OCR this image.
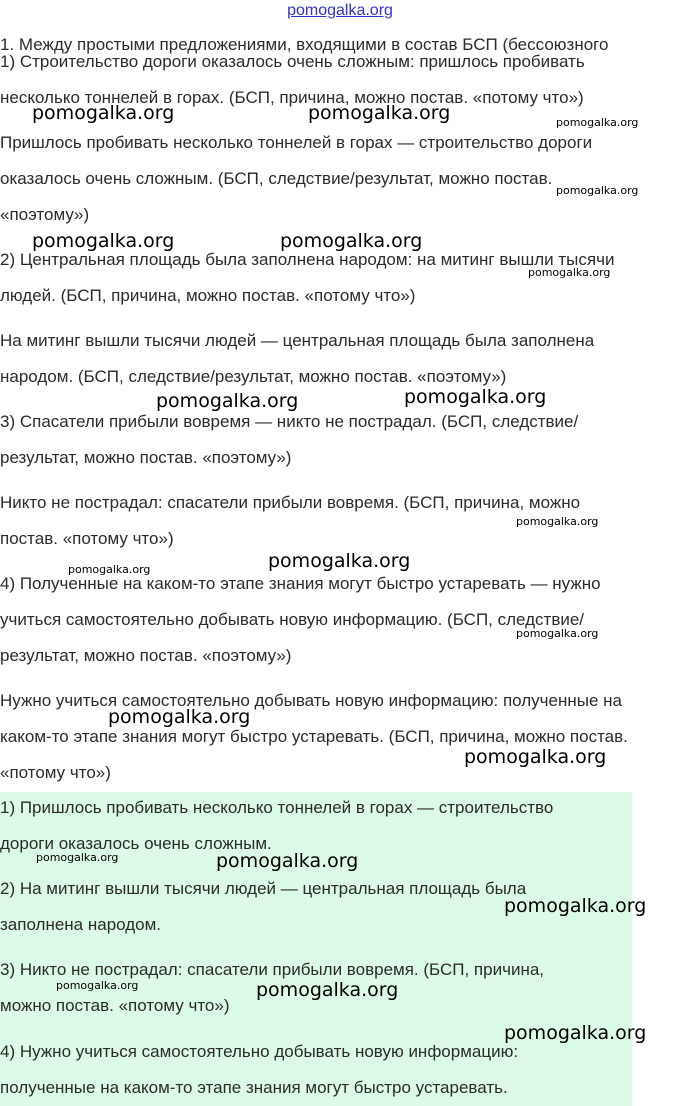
pomogalka.org
1. Между простыми предложениями, входящими в состав БСП (бессоюзного
1) Строительство дороги оказалось очень сложным: пришлось пробивать
несколько тоннелей в горах. (БСП, причина, можно постав. «потому что»)
Пришлось пробивать несколько тоннелей в горах — строительство дороги
оказалось очень сложным. (БСП, следствие/результат, можно постав.
«поэтому»)
2) Центральная площадь была заполнена народом: на митинг вышли тысячи
людей. (БСП, причина, можно постав. «потому что»)
На митинг вышли тысячи людей — центральная площадь была заполнена
народом. (БСП, следствие/результат, можно постав. «поэтому»)
3) Спасатели прибыли вовремя — никто не пострадал. (БСП, следствие/
результат, можно постав. «поэтому»)
Никто не пострадал: спасатели прибыли вовремя. (БСП, причина, можно
постав. «потому что»)
4) Полученные на каком-то этапе знания могут быстро устаревать — нужно
учиться самостоятельно добывать новую информацию. (БСП, следствие/
результат, можно постав. «поэтому»)
Нужно учиться самостоятельно добывать новую информацию: полученные на
каком-то этапе знания могут быстро устаревать. (БСП, причина, можно постав.
«потому что»)
1) Пришлось пробивать несколько тоннелей в горах — строительство
дороги оказалось очень сложным.
2) На митинг вышли тысячи людей — центральная площадь была
заполнена народом.
3) Никто не пострадал: спасатели прибыли вовремя. (БСП, причина,
можно постав. «потому что»)
4) Нужно учиться самостоятельно добывать новую информацию:
полученные на каком-то этапе знания могут быстро устаревать.
pomogalka.org	pomogalka.org	pomogalka.org
pomogalka.org
pomogalka.org	pomogalka.org
pomogalka.org
pomogalka.org	pomogalka.org
pomogalka.org
pomogalka.org
pomogalka.org
pomogalka.org
pomogalka.org
pomogalka.org
pomogalka.org	pomogalka.org
pomogalka.org
pomogalka.org	pomogalka.org
pomogalka.org
